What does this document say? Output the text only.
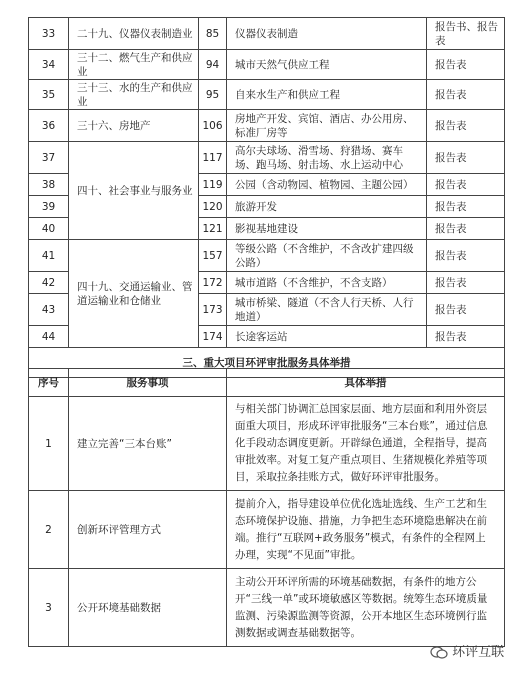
33	二十九、仪器仪表制造业	85	仪器仪表制造	报告书、报告表
34	三十二、燃气生产和供应业	94	城市天然气供应工程	报告表
35	三十三、水的生产和供应业	95	自来水生产和供应工程	报告表
36	三十六、房地产	106	房地产开发、宾馆、酒店、办公用房、标准厂房等	报告表
37	四十、社会事业与服务业	117	高尔夫球场、滑雪场、狩猎场、赛车场、跑马场、射击场、水上运动中心	报告表
38		119	公园（含动物园、植物园、主题公园）	报告表
39		120	旅游开发	报告表
40		121	影视基地建设	报告表
41	四十九、交通运输业、管道运输业和仓储业	157	等级公路（不含维护，不含改扩建四级公路）	报告表
42		172	城市道路（不含维护，不含支路）	报告表
43		173	城市桥梁、隧道（不含人行天桥、人行地道）	报告表
44		174	长途客运站	报告表
三、重大项目环评审批服务具体举措				
序号	服务事项	具体举措
1	建立完善“三本台账”	与相关部门协调汇总国家层面、地方层面和利用外资层面重大项目，形成环评审批服务“三本台账”，通过信息化手段动态调度更新。开辟绿色通道，全程指导，提高审批效率。对复工复产重点项目、生猪规模化养殖等项目，采取拉条挂账方式，做好环评审批服务。
2	创新环评管理方式	提前介入，指导建设单位优化选址选线、生产工艺和生态环境保护设施、措施，力争把生态环境隐患解决在前端。推行“互联网+政务服务”模式，有条件的全程网上办理，实现“不见面”审批。
3	公开环境基础数据	主动公开环评所需的环境基础数据，有条件的地方公开“三线一单”或环境敏感区等数据。统筹生态环境质量监测、污染源监测等资源，公开本地区生态环境例行监测数据或调查基础数据等。
环评互联
